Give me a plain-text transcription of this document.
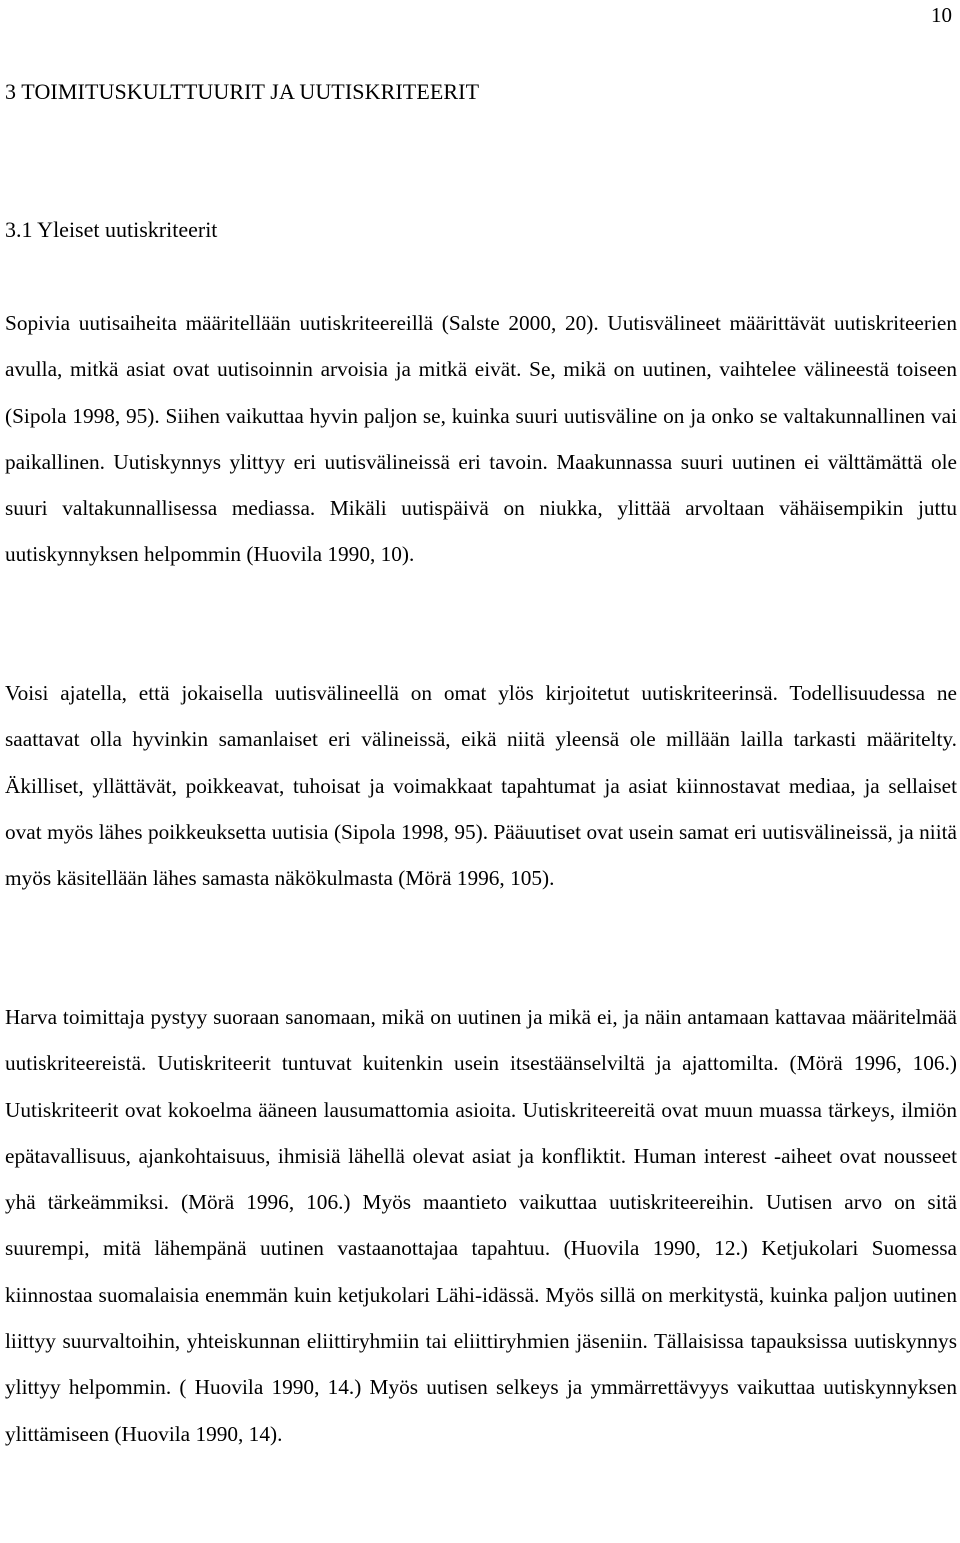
10
3 TOIMITUSKULTTUURIT JA UUTISKRITEERIT
3.1 Yleiset uutiskriteerit

Sopivia uutisaiheita määritellään uutiskriteereillä (Salste 2000, 20). Uutisvälineet määrittävät uutiskriteerien avulla, mitkä asiat ovat uutisoinnin arvoisia ja mitkä eivät. Se, mikä on uutinen, vaihtelee välineestä toiseen (Sipola 1998, 95). Siihen vaikuttaa hyvin paljon se, kuinka suuri uutisväline on ja onko se valtakunnallinen vai paikallinen. Uutiskynnys ylittyy eri uutisvälineissä eri tavoin. Maakunnassa suuri uutinen ei välttämättä ole suuri valtakunnallisessa mediassa. Mikäli uutispäivä on niukka, ylittää arvoltaan vähäisempikin juttu uutiskynnyksen helpommin (Huovila 1990, 10).

Voisi ajatella, että jokaisella uutisvälineellä on omat ylös kirjoitetut uutiskriteerinsä. Todellisuudessa ne saattavat olla hyvinkin samanlaiset eri välineissä, eikä niitä yleensä ole millään lailla tarkasti määritelty. Äkilliset, yllättävät, poikkeavat, tuhoisat ja voimakkaat tapahtumat ja asiat kiinnostavat mediaa, ja sellaiset ovat myös lähes poikkeuksetta uutisia (Sipola 1998, 95). Pääuutiset ovat usein samat eri uutisvälineissä, ja niitä myös käsitellään lähes samasta näkökulmasta (Mörä 1996, 105).

Harva toimittaja pystyy suoraan sanomaan, mikä on uutinen ja mikä ei, ja näin antamaan kattavaa määritelmää uutiskriteereistä. Uutiskriteerit tuntuvat kuitenkin usein itsestäänselviltä ja ajattomilta. (Mörä 1996, 106.) Uutiskriteerit ovat kokoelma ääneen lausumattomia asioita. Uutiskriteereitä ovat muun muassa tärkeys, ilmiön epätavallisuus, ajankohtaisuus, ihmisiä lähellä olevat asiat ja konfliktit. Human interest -aiheet ovat nousseet yhä tärkeämmiksi. (Mörä 1996, 106.) Myös maantieto vaikuttaa uutiskriteereihin. Uutisen arvo on sitä suurempi, mitä lähempänä uutinen vastaanottajaa tapahtuu. (Huovila 1990, 12.) Ketjukolari Suomessa kiinnostaa suomalaisia enemmän kuin ketjukolari Lähi-idässä. Myös sillä on merkitystä, kuinka paljon uutinen liittyy suurvaltoihin, yhteiskunnan eliittiryhmiin tai eliittiryhmien jäseniin. Tällaisissa tapauksissa uutiskynnys ylittyy helpommin. ( Huovila 1990, 14.) Myös uutisen selkeys ja ymmärrettävyys vaikuttaa uutiskynnyksen ylittämiseen (Huovila 1990, 14).
